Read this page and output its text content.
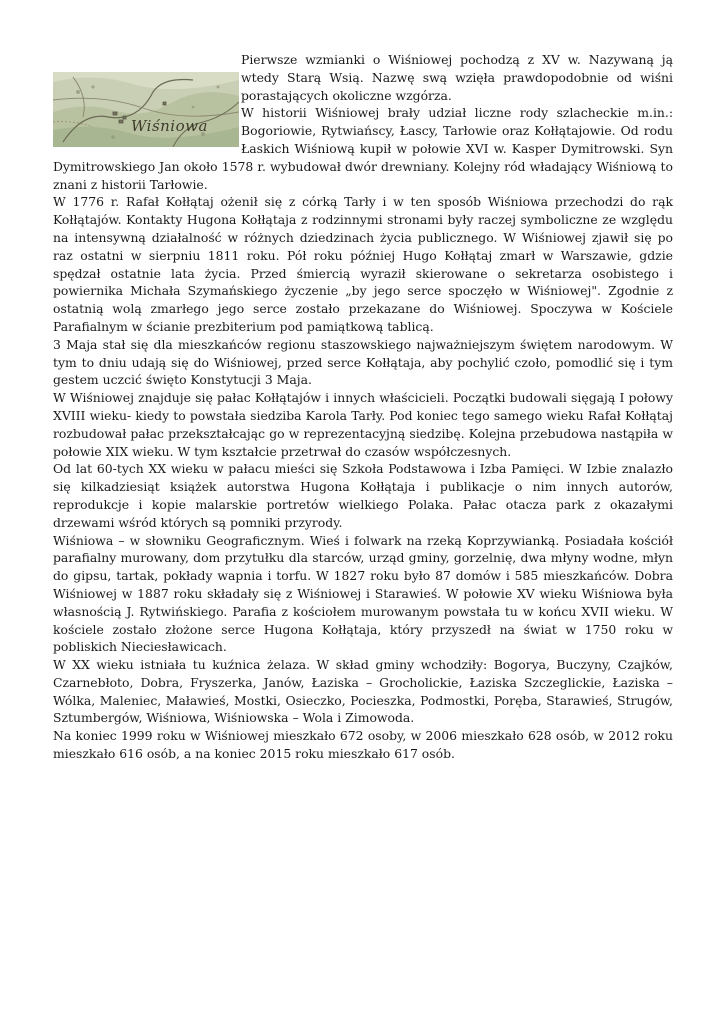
Wiśniowa

Pierwsze wzmianki o Wiśniowej pochodzą z XV w. Nazywaną ją wtedy Starą Wsią. Nazwę swą wzięła prawdopodobnie od wiśni porastających okoliczne wzgórza.

W historii Wiśniowej brały udział liczne rody szlacheckie m.in.: Bogoriowie, Rytwiańscy, Łascy, Tarłowie oraz Kołłątajowie. Od rodu Łaskich Wiśniową kupił w połowie XVI w. Kasper Dymitrowski. Syn Dymitrowskiego Jan około 1578 r. wybudował dwór drewniany. Kolejny ród władający Wiśniową to znani z historii Tarłowie.

W 1776 r. Rafał Kołłątaj ożenił się z córką Tarły i w ten sposób Wiśniowa przechodzi do rąk Kołłątajów. Kontakty Hugona Kołłątaja z rodzinnymi stronami były raczej symboliczne ze względu na intensywną działalność w różnych dziedzinach życia publicznego. W Wiśniowej zjawił się po raz ostatni w sierpniu 1811 roku. Pół roku później Hugo Kołłątaj zmarł w Warszawie, gdzie spędzał ostatnie lata życia. Przed śmiercią wyraził skierowane o sekretarza osobistego i powiernika Michała Szymańskiego życzenie „by jego serce spoczęło w Wiśniowej". Zgodnie z ostatnią wolą zmarłego jego serce zostało przekazane do Wiśniowej. Spoczywa w Kościele Parafialnym w ścianie prezbiterium pod pamiątkową tablicą.

3 Maja stał się dla mieszkańców regionu staszowskiego najważniejszym świętem narodowym. W tym to dniu udają się do Wiśniowej, przed serce Kołłątaja, aby pochylić czoło, pomodlić się i tym gestem uczcić święto Konstytucji 3 Maja.

W Wiśniowej znajduje się pałac Kołłątajów i innych właścicieli. Początki budowali sięgają I połowy XVIII wieku- kiedy to powstała siedziba Karola Tarły. Pod koniec tego samego wieku Rafał Kołłątaj rozbudował pałac przekształcając go w reprezentacyjną siedzibę. Kolejna przebudowa nastąpiła w połowie XIX wieku. W tym kształcie przetrwał do czasów współczesnych.

Od lat 60-tych XX wieku w pałacu mieści się Szkoła Podstawowa i Izba Pamięci. W Izbie znalazło się kilkadziesiąt książek autorstwa Hugona Kołłątaja i publikacje o nim innych autorów, reprodukcje i kopie malarskie portretów wielkiego Polaka. Pałac otacza park z okazałymi drzewami wśród których są pomniki przyrody.

Wiśniowa – w słowniku Geograficznym. Wieś i folwark na rzeką Koprzywianką. Posiadała kościół parafialny murowany, dom przytułku dla starców, urząd gminy, gorzelnię, dwa młyny wodne, młyn do gipsu, tartak, pokłady wapnia i torfu. W 1827 roku było 87 domów i 585 mieszkańców. Dobra Wiśniowej w 1887 roku składały się z Wiśniowej i Starawieś. W połowie XV wieku Wiśniowa była własnością J. Rytwińskiego. Parafia z kościołem murowanym powstała tu w końcu XVII wieku. W kościele zostało złożone serce Hugona Kołłątaja, który przyszedł na świat w 1750 roku w pobliskich Nieciesławicach.

W XX wieku istniała tu kuźnica żelaza. W skład gminy wchodziły: Bogorya, Buczyny, Czajków, Czarnebłoto, Dobra, Fryszerka, Janów, Łaziska – Grocholickie, Łaziska Szczeglickie, Łaziska – Wólka, Maleniec, Maławieś, Mostki, Osieczko, Pocieszka, Podmostki, Poręba, Starawieś, Strugów, Sztumbergów, Wiśniowa, Wiśniowska – Wola i Zimowoda.

Na koniec 1999 roku w Wiśniowej mieszkało 672 osoby, w 2006 mieszkało 628 osób, w 2012 roku mieszkało 616 osób, a na koniec 2015 roku mieszkało 617 osób.
